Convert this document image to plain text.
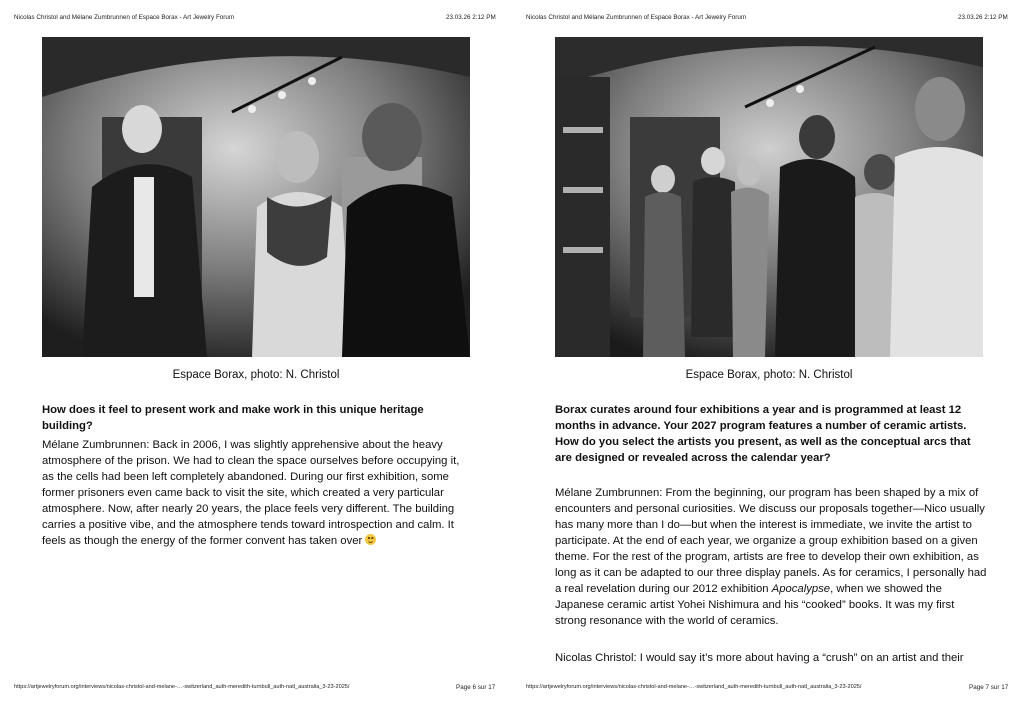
Nicolas Christol and Mélane Zumbrunnen of Espace Borax - Art Jewelry Forum	23.03.26 2:12 PM
Espace Borax, photo: N. Christol
How does it feel to present work and make work in this unique heritage building?

Mélane Zumbrunnen: Back in 2006, I was slightly apprehensive about the heavy atmosphere of the prison. We had to clean the space ourselves before occupying it, as the cells had been left completely abandoned. During our first exhibition, some former prisoners even came back to visit the site, which created a very particular atmosphere. Now, after nearly 20 years, the place feels very different. The building carries a positive vibe, and the atmosphere tends toward introspection and calm. It feels as though the energy of the former convent has taken over

https://artjewelryforum.org/interviews/nicolas-christol-and-melane-…-switzerland_auth-meredith-turnbull_auth-natl_australia_3-23-2025/	Page 6 sur 17
Nicolas Christol and Mélane Zumbrunnen of Espace Borax - Art Jewelry Forum	23.03.26 2:12 PM
Espace Borax, photo: N. Christol
Borax curates around four exhibitions a year and is programmed at least 12 months in advance. Your 2027 program features a number of ceramic artists. How do you select the artists you present, as well as the conceptual arcs that are designed or revealed across the calendar year?

Mélane Zumbrunnen: From the beginning, our program has been shaped by a mix of encounters and personal curiosities. We discuss our proposals together—Nico usually has many more than I do—but when the interest is immediate, we invite the artist to participate. At the end of each year, we organize a group exhibition based on a given theme. For the rest of the program, artists are free to develop their own exhibition, as long as it can be adapted to our three display panels. As for ceramics, I personally had a real revelation during our 2012 exhibition Apocalypse, when we showed the Japanese ceramic artist Yohei Nishimura and his “cooked” books. It was my first strong resonance with the world of ceramics.

Nicolas Christol: I would say it’s more about having a “crush” on an artist and their

https://artjewelryforum.org/interviews/nicolas-christol-and-melane-…-switzerland_auth-meredith-turnbull_auth-natl_australia_3-23-2025/	Page 7 sur 17
